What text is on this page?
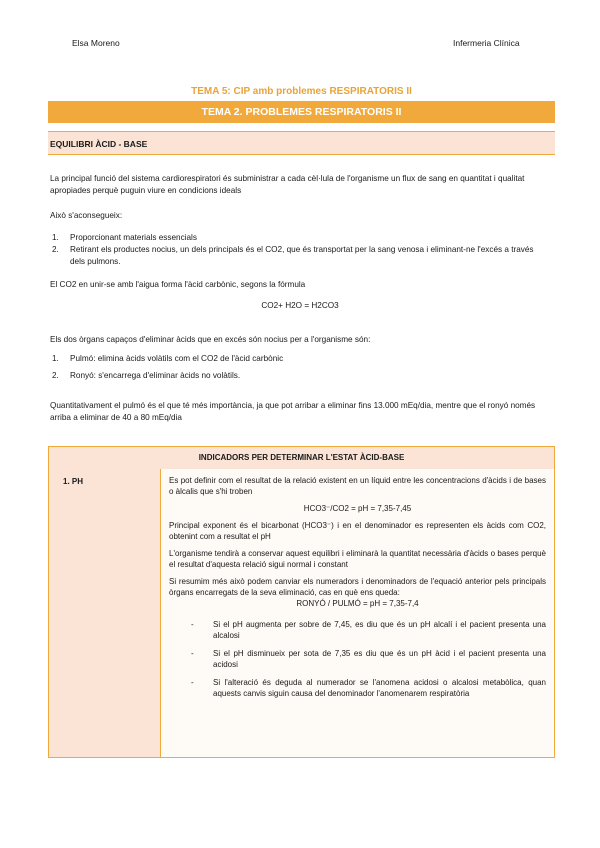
Elsa Moreno	Infermeria Clínica
TEMA 5: CIP amb problemes RESPIRATORIS II
TEMA 2. PROBLEMES RESPIRATORIS II
EQUILIBRI ÀCID - BASE
La principal funció del sistema cardiorespiratori és subministrar a cada cèl·lula de l'organisme un flux de sang en quantitat i qualitat apropiades perquè puguin viure en condicions ideals
Això s'aconsegueix:
1. Proporcionant materials essencials
2. Retirant els productes nocius, un dels principals és el CO2, que és transportat per la sang venosa i eliminant-ne l'excés a través dels pulmons.
El CO2 en unir-se amb l'aigua forma l'àcid carbònic, segons la fórmula
CO2+ H2O = H2CO3
Els dos òrgans capaços d'eliminar àcids que en excés són nocius per a l'organisme són:
1. Pulmó: elimina àcids volàtils com el CO2 de l'àcid carbònic
2. Ronyó: s'encarrega d'eliminar àcids no volàtils.
Quantitativament el pulmó és el que té més importància, ja que pot arribar a eliminar fins 13.000 mEq/dia, mentre que el ronyó només arriba a eliminar de 40 a 80 mEq/dia
INDICADORS PER DETERMINAR L'ESTAT ÀCID-BASE
1. PH	Es pot definir com el resultat de la relació existent en un líquid entre les concentracions d'àcids i de bases o àlcalis que s'hi troben

HCO3⁻/CO2 = pH = 7,35-7,45

Principal exponent és el bicarbonat (HCO3⁻) i en el denominador es representen els àcids com CO2, obtenint com a resultat el pH

L'organisme tendirà a conservar aquest equilibri i eliminarà la quantitat necessària d'àcids o bases perquè el resultat d'aquesta relació sigui normal i constant

Si resumim més això podem canviar els numeradors i denominadors de l'equació anterior pels principals òrgans encarregats de la seva eliminació, cas en què ens queda:

RONYÓ / PULMÓ = pH = 7,35-7,4
- Si el pH augmenta per sobre de 7,45, es diu que és un pH alcalí i el pacient presenta una alcalosi
- Si el pH disminueix per sota de 7,35 es diu que és un pH àcid i el pacient presenta una acidosi
- Si l'alteració és deguda al numerador se l'anomena acidosi o alcalosi metabòlica, quan aquests canvis siguin causa del denominador l'anomenarem respiratòria
